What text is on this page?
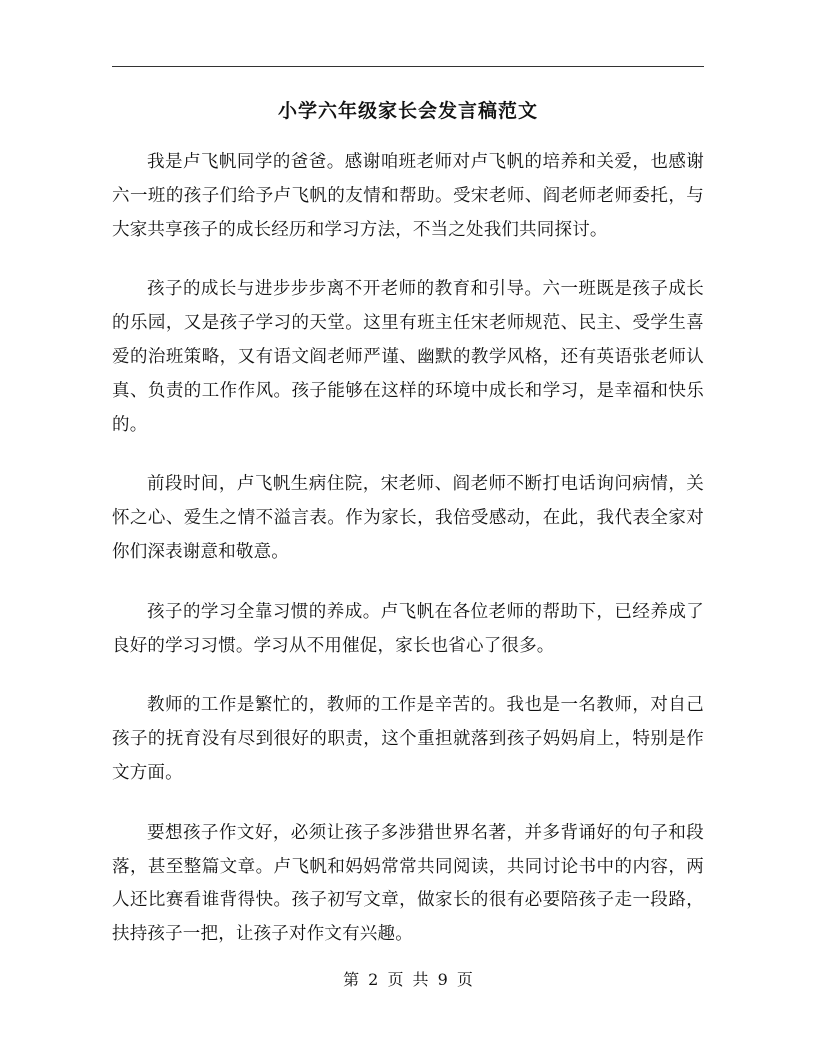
小学六年级家长会发言稿范文

我是卢飞帆同学的爸爸。感谢咱班老师对卢飞帆的培养和关爱，也感谢六一班的孩子们给予卢飞帆的友情和帮助。受宋老师、阎老师老师委托，与大家共享孩子的成长经历和学习方法，不当之处我们共同探讨。

孩子的成长与进步步步离不开老师的教育和引导。六一班既是孩子成长的乐园，又是孩子学习的天堂。这里有班主任宋老师规范、民主、受学生喜爱的治班策略，又有语文阎老师严谨、幽默的教学风格，还有英语张老师认真、负责的工作作风。孩子能够在这样的环境中成长和学习，是幸福和快乐的。

前段时间，卢飞帆生病住院，宋老师、阎老师不断打电话询问病情，关怀之心、爱生之情不溢言表。作为家长，我倍受感动，在此，我代表全家对你们深表谢意和敬意。

孩子的学习全靠习惯的养成。卢飞帆在各位老师的帮助下，已经养成了良好的学习习惯。学习从不用催促，家长也省心了很多。

教师的工作是繁忙的，教师的工作是辛苦的。我也是一名教师，对自己孩子的抚育没有尽到很好的职责，这个重担就落到孩子妈妈肩上，特别是作文方面。

要想孩子作文好，必须让孩子多涉猎世界名著，并多背诵好的句子和段落，甚至整篇文章。卢飞帆和妈妈常常共同阅读，共同讨论书中的内容，两人还比赛看谁背得快。孩子初写文章，做家长的很有必要陪孩子走一段路，扶持孩子一把，让孩子对作文有兴趣。

第 2 页 共 9 页
